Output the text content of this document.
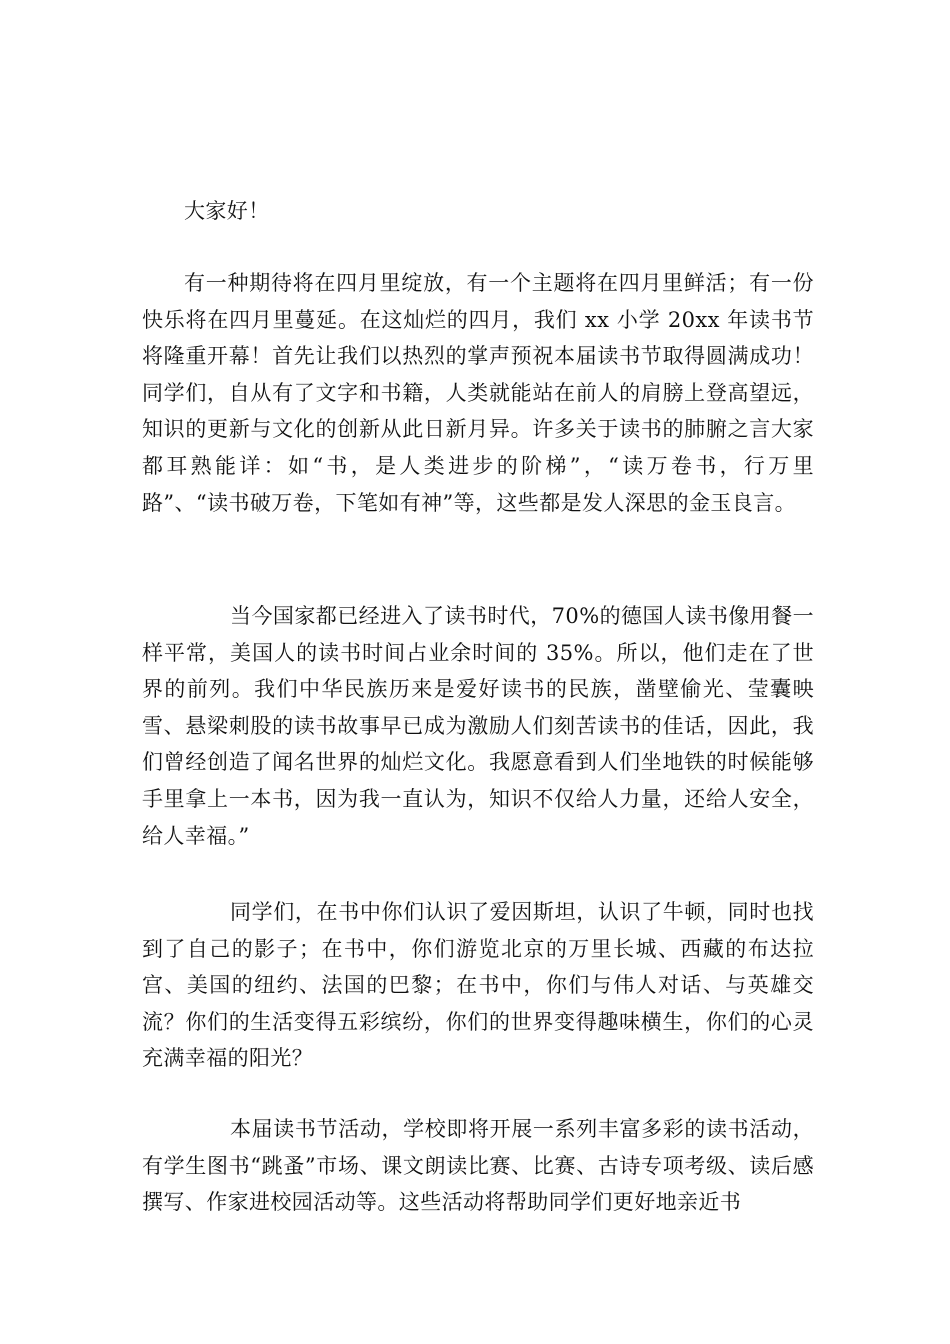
大家好！

有一种期待将在四月里绽放，有一个主题将在四月里鲜活；有一份快乐将在四月里蔓延。在这灿烂的四月，我们 xx 小学 20xx 年读书节将隆重开幕！首先让我们以热烈的掌声预祝本届读书节取得圆满成功！同学们，自从有了文字和书籍，人类就能站在前人的肩膀上登高望远，知识的更新与文化的创新从此日新月异。许多关于读书的肺腑之言大家都耳熟能详：如“书，是人类进步的阶梯”，“读万卷书，行万里路”、“读书破万卷，下笔如有神”等，这些都是发人深思的金玉良言。

当今国家都已经进入了读书时代，70%的德国人读书像用餐一样平常，美国人的读书时间占业余时间的 35%。所以，他们走在了世界的前列。我们中华民族历来是爱好读书的民族，凿壁偷光、莹囊映雪、悬梁刺股的读书故事早已成为激励人们刻苦读书的佳话，因此，我们曾经创造了闻名世界的灿烂文化。我愿意看到人们坐地铁的时候能够手里拿上一本书，因为我一直认为，知识不仅给人力量，还给人安全，给人幸福。”

同学们，在书中你们认识了爱因斯坦，认识了牛顿，同时也找到了自己的影子；在书中，你们游览北京的万里长城、西藏的布达拉宫、美国的纽约、法国的巴黎；在书中，你们与伟人对话、与英雄交流？你们的生活变得五彩缤纷，你们的世界变得趣味横生，你们的心灵充满幸福的阳光？

本届读书节活动，学校即将开展一系列丰富多彩的读书活动，有学生图书“跳蚤”市场、课文朗读比赛、比赛、古诗专项考级、读后感撰写、作家进校园活动等。这些活动将帮助同学们更好地亲近书
